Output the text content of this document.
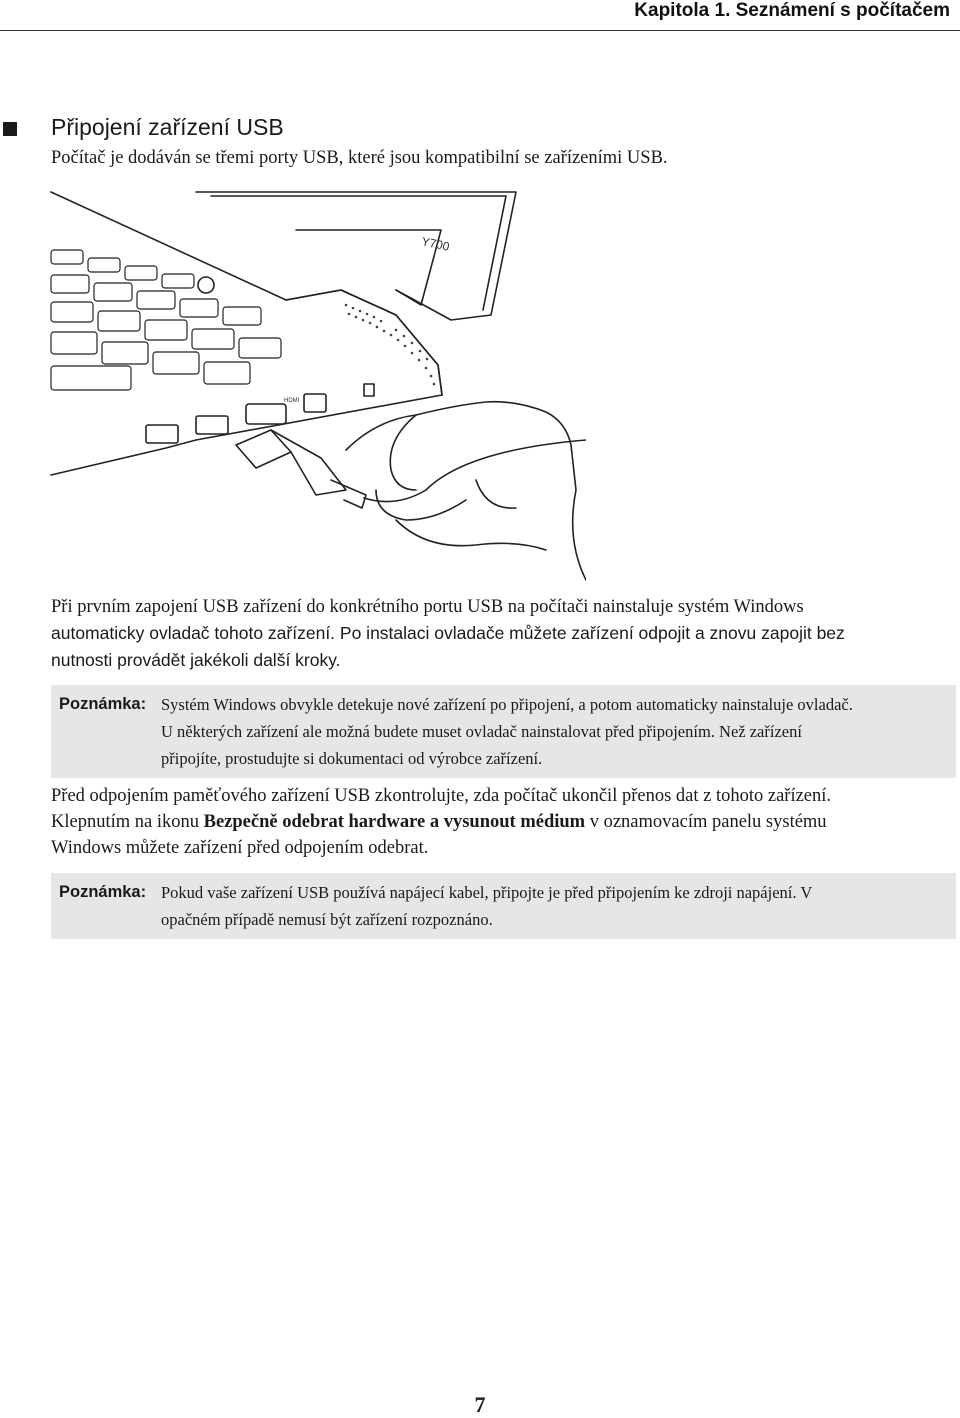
Kapitola 1. Seznámení s počítačem
Připojení zařízení USB
Počítač je dodáván se třemi porty USB, které jsou kompatibilní se zařízeními USB.
Y700
HDMI

Při prvním zapojení USB zařízení do konkrétního portu USB na počítači nainstaluje systém Windows
automaticky ovladač tohoto zařízení. Po instalaci ovladače můžete zařízení odpojit a znovu zapojit bez
nutnosti provádět jakékoli další kroky.

Poznámka: Systém Windows obvykle detekuje nové zařízení po připojení, a potom automaticky nainstaluje ovladač.
U některých zařízení ale možná budete muset ovladač nainstalovat před připojením. Než zařízení
připojíte, prostudujte si dokumentaci od výrobce zařízení.

Před odpojením paměťového zařízení USB zkontrolujte, zda počítač ukončil přenos dat z tohoto zařízení.
Klepnutím na ikonu Bezpečně odebrat hardware a vysunout médium v oznamovacím panelu systému
Windows můžete zařízení před odpojením odebrat.

Poznámka: Pokud vaše zařízení USB používá napájecí kabel, připojte je před připojením ke zdroji napájení. V
opačném případě nemusí být zařízení rozpoznáno.
7
